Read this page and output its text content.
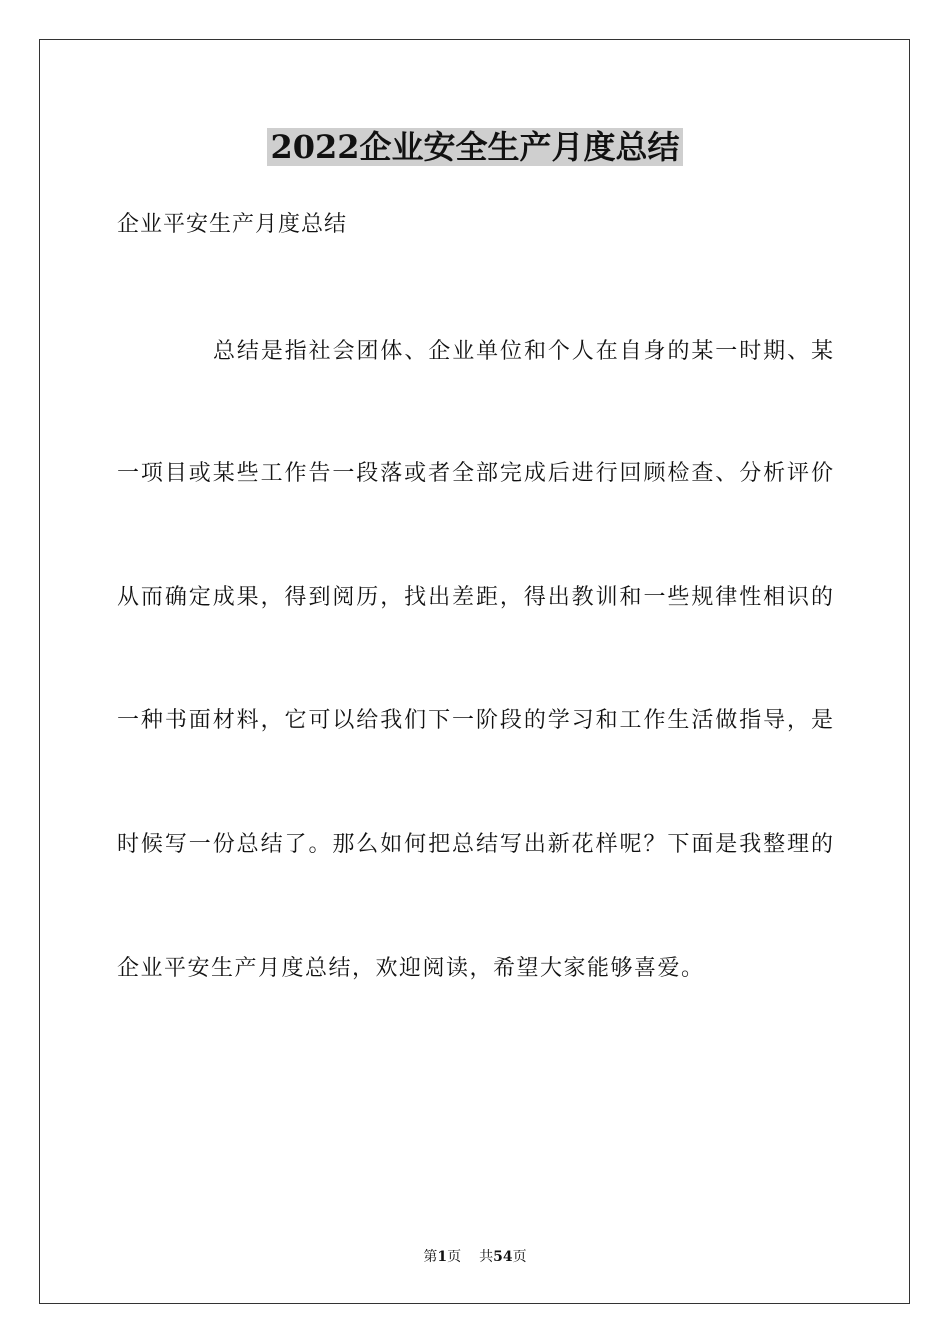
2022企业安全生产月度总结

企业平安生产月度总结

总结是指社会团体、企业单位和个人在自身的某一时期、某

一项目或某些工作告一段落或者全部完成后进行回顾检查、分析评价

从而确定成果，得到阅历，找出差距，得出教训和一些规律性相识的

一种书面材料，它可以给我们下一阶段的学习和工作生活做指导，是

时候写一份总结了。那么如何把总结写出新花样呢？下面是我整理的

企业平安生产月度总结，欢迎阅读，希望大家能够喜爱。

第1页 共54页
